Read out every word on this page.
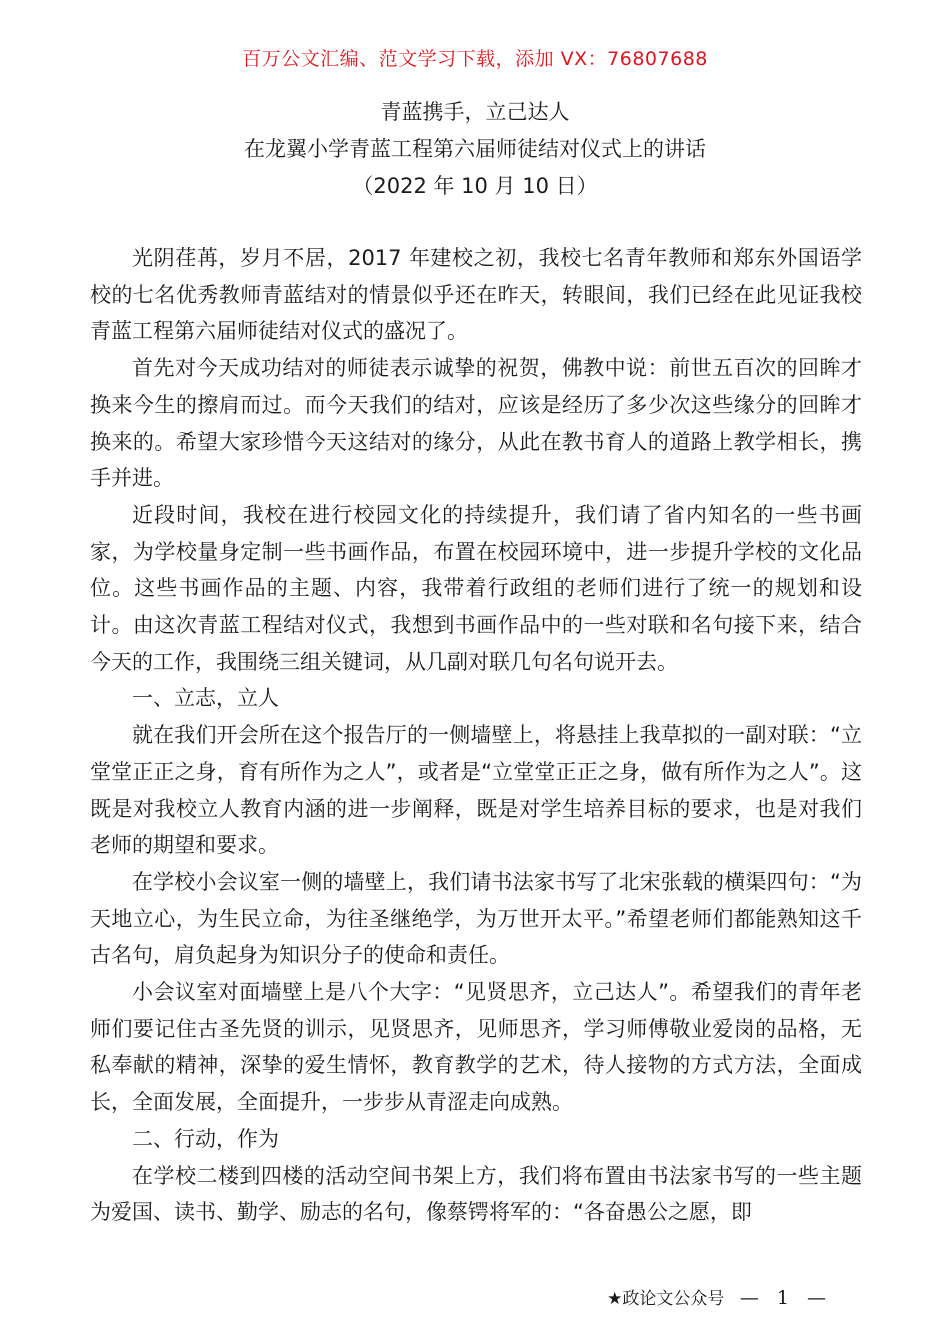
百万公文汇编、范文学习下载，添加 VX：76807688
青蓝携手，立己达人
在龙翼小学青蓝工程第六届师徒结对仪式上的讲话
（2022 年 10 月 10 日）

光阴荏苒，岁月不居，2017 年建校之初，我校七名青年教师和郑东外国语学校的七名优秀教师青蓝结对的情景似乎还在昨天，转眼间，我们已经在此见证我校青蓝工程第六届师徒结对仪式的盛况了。

首先对今天成功结对的师徒表示诚挚的祝贺，佛教中说：前世五百次的回眸才换来今生的擦肩而过。而今天我们的结对，应该是经历了多少次这些缘分的回眸才换来的。希望大家珍惜今天这结对的缘分，从此在教书育人的道路上教学相长，携手并进。

近段时间，我校在进行校园文化的持续提升，我们请了省内知名的一些书画家，为学校量身定制一些书画作品，布置在校园环境中，进一步提升学校的文化品位。这些书画作品的主题、内容，我带着行政组的老师们进行了统一的规划和设计。由这次青蓝工程结对仪式，我想到书画作品中的一些对联和名句接下来，结合今天的工作，我围绕三组关键词，从几副对联几句名句说开去。

一、立志，立人

就在我们开会所在这个报告厅的一侧墙壁上，将悬挂上我草拟的一副对联：“立堂堂正正之身，育有所作为之人”，或者是“立堂堂正正之身，做有所作为之人”。这既是对我校立人教育内涵的进一步阐释，既是对学生培养目标的要求，也是对我们老师的期望和要求。

在学校小会议室一侧的墙壁上，我们请书法家书写了北宋张载的横渠四句：“为天地立心，为生民立命，为往圣继绝学，为万世开太平。”希望老师们都能熟知这千古名句，肩负起身为知识分子的使命和责任。

小会议室对面墙壁上是八个大字：“见贤思齐，立己达人”。希望我们的青年老师们要记住古圣先贤的训示，见贤思齐，见师思齐，学习师傅敬业爱岗的品格，无私奉献的精神，深挚的爱生情怀，教育教学的艺术，待人接物的方式方法，全面成长，全面发展，全面提升，一步步从青涩走向成熟。

二、行动，作为

在学校二楼到四楼的活动空间书架上方，我们将布置由书法家书写的一些主题为爱国、读书、勤学、励志的名句，像蔡锷将军的：“各奋愚公之愿，即

★政论文公众号 — 1 —
